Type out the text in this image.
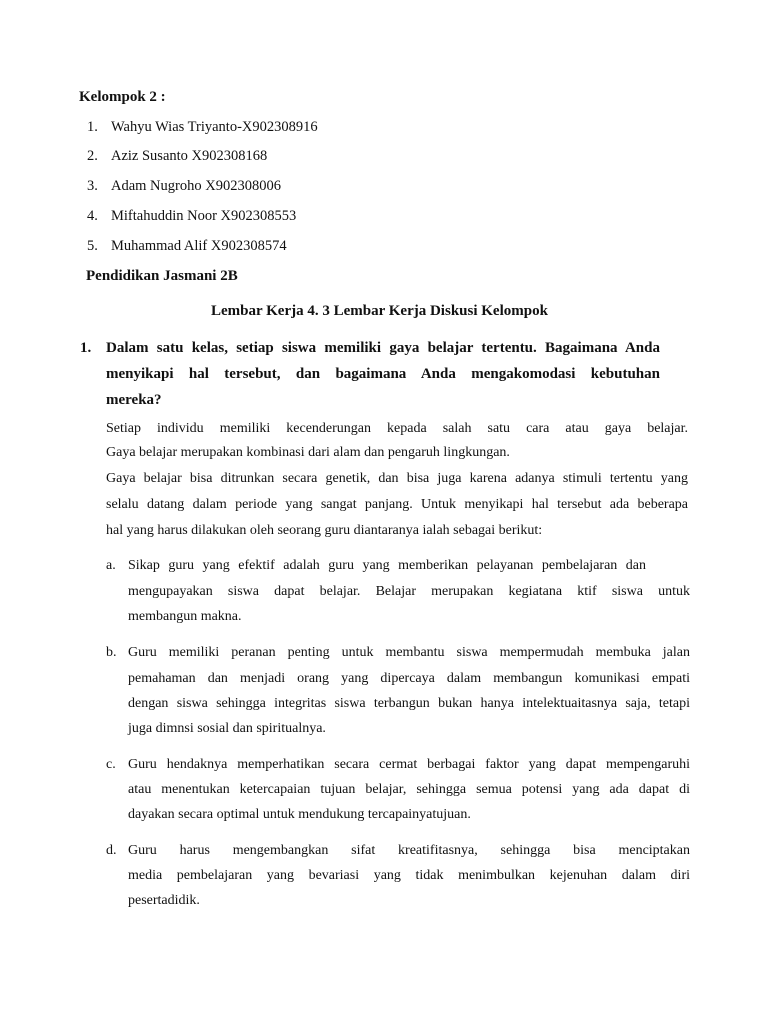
Kelompok 2 :
1. Wahyu Wias Triyanto-X902308916
2. Aziz Susanto X902308168
3. Adam Nugroho X902308006
4. Miftahuddin Noor X902308553
5. Muhammad Alif X902308574
Pendidikan Jasmani 2B
Lembar Kerja 4. 3 Lembar Kerja Diskusi Kelompok
1. Dalam satu kelas, setiap siswa memiliki gaya belajar tertentu. Bagaimana Anda
menyikapi hal tersebut, dan bagaimana Anda mengakomodasi kebutuhan
mereka?
Setiap individu memiliki kecenderungan kepada salah satu cara atau gaya belajar.
Gaya belajar merupakan kombinasi dari alam dan pengaruh lingkungan.
Gaya belajar bisa ditrunkan secara genetik, dan bisa juga karena adanya stimuli tertentu yang
selalu datang dalam periode yang sangat panjang. Untuk menyikapi hal tersebut ada beberapa
hal yang harus dilakukan oleh seorang guru diantaranya ialah sebagai berikut:
a. Sikap guru yang efektif adalah guru yang memberikan pelayanan pembelajaran dan
mengupayakan siswa dapat belajar. Belajar merupakan kegiatana ktif siswa untuk
membangun makna.
b. Guru memiliki peranan penting untuk membantu siswa mempermudah membuka jalan
pemahaman dan menjadi orang yang dipercaya dalam membangun komunikasi empati
dengan siswa sehingga integritas siswa terbangun bukan hanya intelektuaitasnya saja, tetapi
juga dimnsi sosial dan spiritualnya.
c. Guru hendaknya memperhatikan secara cermat berbagai faktor yang dapat mempengaruhi
atau menentukan ketercapaian tujuan belajar, sehingga semua potensi yang ada dapat di
dayakan secara optimal untuk mendukung tercapainyatujuan.
d. Guru harus mengembangkan sifat kreatifitasnya, sehingga bisa menciptakan
media pembelajaran yang bevariasi yang tidak menimbulkan kejenuhan dalam diri
pesertadidik.
